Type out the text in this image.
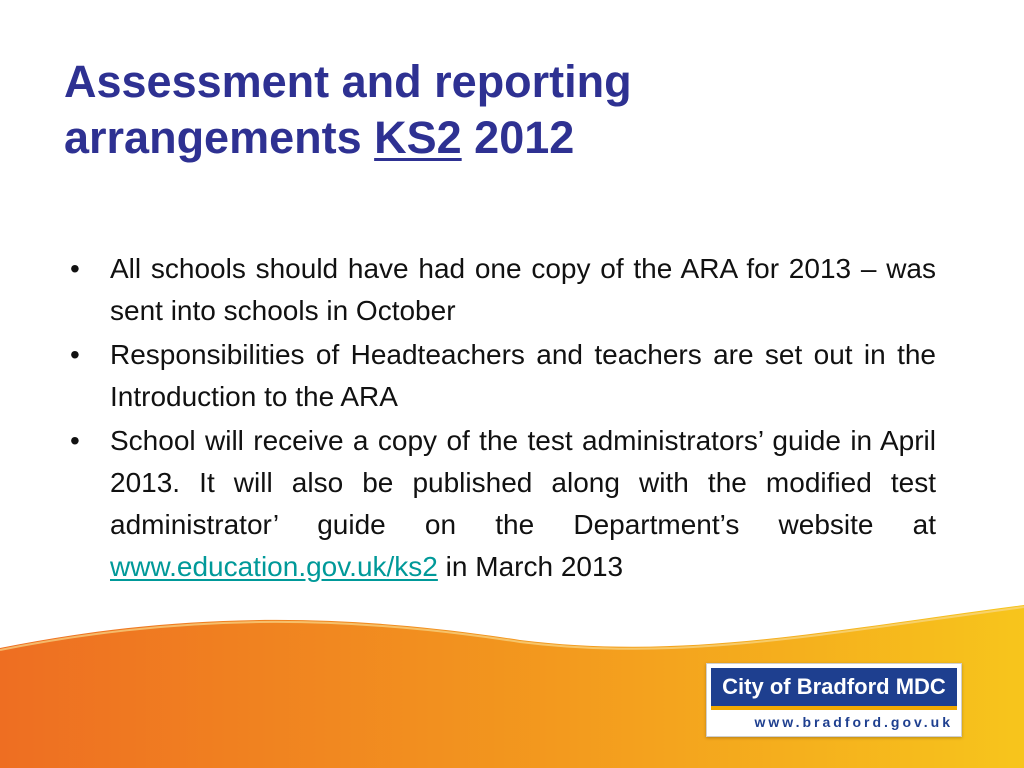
Assessment and reporting
arrangements KS2 2012
• All schools should have had one copy of the ARA for 2013 – was sent into schools in October
• Responsibilities of Headteachers and teachers are set out in the Introduction to the ARA
• School will receive a copy of the test administrators’ guide in April 2013. It will also be published along with the modified test administrator’ guide on the Department’s website at www.education.gov.uk/ks2 in March 2013
City of Bradford MDC
www.bradford.gov.uk
